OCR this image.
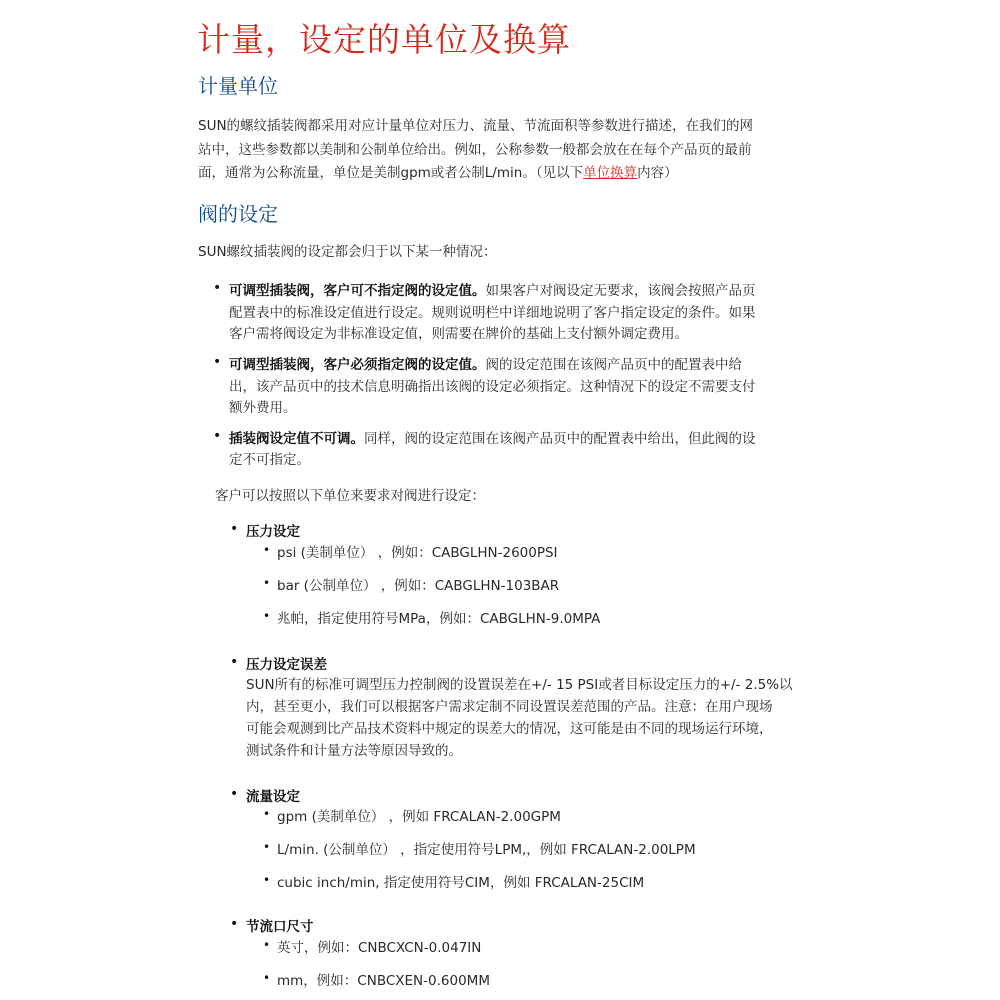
计量，设定的单位及换算
计量单位
SUN的螺纹插装阀都采用对应计量单位对压力、流量、节流面积等参数进行描述，在我们的网
站中，这些参数都以美制和公制单位给出。例如，公称参数一般都会放在在每个产品页的最前
面，通常为公称流量，单位是美制gpm或者公制L/min。（见以下单位换算内容）
阀的设定
SUN螺纹插装阀的设定都会归于以下某一种情况：
• 可调型插装阀，客户可不指定阀的设定值。如果客户对阀设定无要求，该阀会按照产品页
配置表中的标准设定值进行设定。规则说明栏中详细地说明了客户指定设定的条件。如果
客户需将阀设定为非标准设定值，则需要在牌价的基础上支付额外调定费用。
• 可调型插装阀，客户必须指定阀的设定值。阀的设定范围在该阀产品页中的配置表中给
出，该产品页中的技术信息明确指出该阀的设定必须指定。这种情况下的设定不需要支付
额外费用。
• 插装阀设定值不可调。同样，阀的设定范围在该阀产品页中的配置表中给出，但此阀的设
定不可指定。
客户可以按照以下单位来要求对阀进行设定：
• 压力设定
• psi (美制单位） ，例如：CABGLHN-2600PSI
• bar (公制单位） ，例如：CABGLHN-103BAR
• 兆帕，指定使用符号MPa，例如：CABGLHN-9.0MPA
• 压力设定误差
SUN所有的标准可调型压力控制阀的设置误差在+/- 15 PSI或者目标设定压力的+/- 2.5%以
内，甚至更小，我们可以根据客户需求定制不同设置误差范围的产品。注意：在用户现场
可能会观测到比产品技术资料中规定的误差大的情况，这可能是由不同的现场运行环境，
测试条件和计量方法等原因导致的。
• 流量设定
• gpm (美制单位） ，例如 FRCALAN-2.00GPM
• L/min. (公制单位） ，指定使用符号LPM,，例如 FRCALAN-2.00LPM
• cubic inch/min, 指定使用符号CIM，例如 FRCALAN-25CIM
• 节流口尺寸
• 英寸，例如：CNBCXCN-0.047IN
• mm，例如：CNBCXEN-0.600MM
